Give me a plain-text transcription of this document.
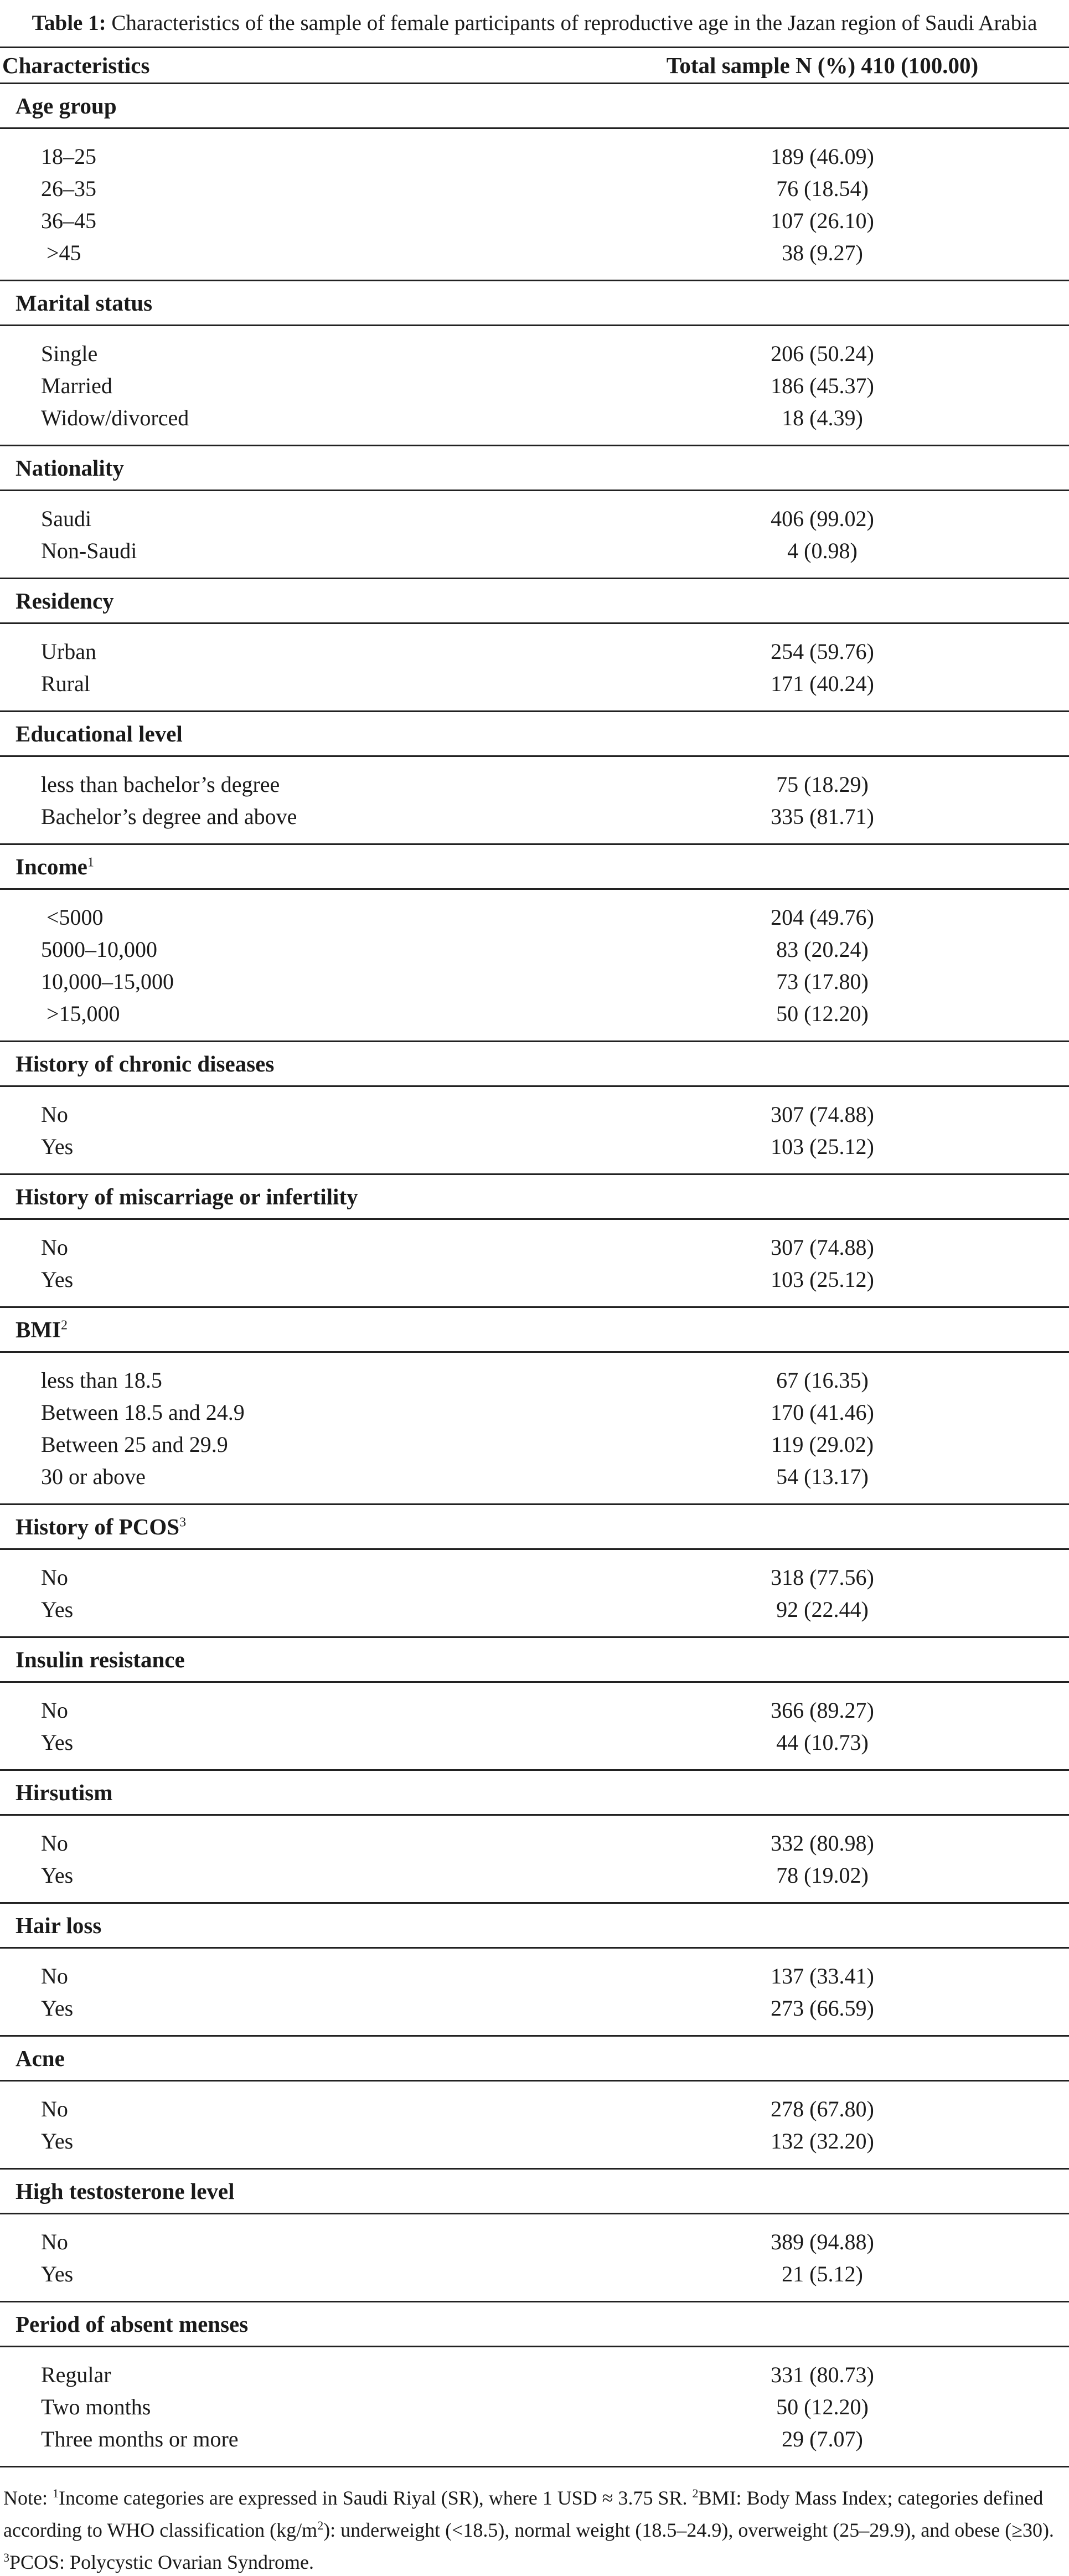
Table 1: Characteristics of the sample of female participants of reproductive age in the Jazan region of Saudi Arabia
Characteristics	Total sample N (%) 410 (100.00)
Age group	
18–25	189 (46.09)
26–35	76 (18.54)
36–45	107 (26.10)
>45	38 (9.27)
Marital status	
Single	206 (50.24)
Married	186 (45.37)
Widow/divorced	18 (4.39)
Nationality	
Saudi	406 (99.02)
Non-Saudi	4 (0.98)
Residency	
Urban	254 (59.76)
Rural	171 (40.24)
Educational level	
less than bachelor’s degree	75 (18.29)
Bachelor’s degree and above	335 (81.71)
Income$^1$
<5000	204 (49.76)
5000–10,000	83 (20.24)
10,000–15,000	73 (17.80)
>15,000	50 (12.20)
History of chronic diseases	
No	307 (74.88)
Yes	103 (25.12)
History of miscarriage or infertility	
No	307 (74.88)
Yes	103 (25.12)
BMI$^2$
less than 18.5	67 (16.35)
Between 18.5 and 24.9	170 (41.46)
Between 25 and 29.9	119 (29.02)
30 or above	54 (13.17)
History of PCOS$^3$
No	318 (77.56)
Yes	92 (22.44)
Insulin resistance	
No	366 (89.27)
Yes	44 (10.73)
Hirsutism	
No	332 (80.98)
Yes	78 (19.02)
Hair loss	
No	137 (33.41)
Yes	273 (66.59)
Acne	
No	278 (67.80)
Yes	132 (32.20)
High testosterone level	
No	389 (94.88)
Yes	21 (5.12)
Period of absent menses	
Regular	331 (80.73)
Two months	50 (12.20)
Three months or more	29 (7.07)
Note: $^1$Income categories are expressed in Saudi Riyal (SR), where 1 USD ≈ 3.75 SR. $^2$BMI: Body Mass Index; categories defined according to WHO classification $(kg/m^2)$: underweight (<18.5), normal weight (18.5–24.9), overweight (25–29.9), and obese (≥30). $^3$PCOS: Polycystic Ovarian Syndrome.
